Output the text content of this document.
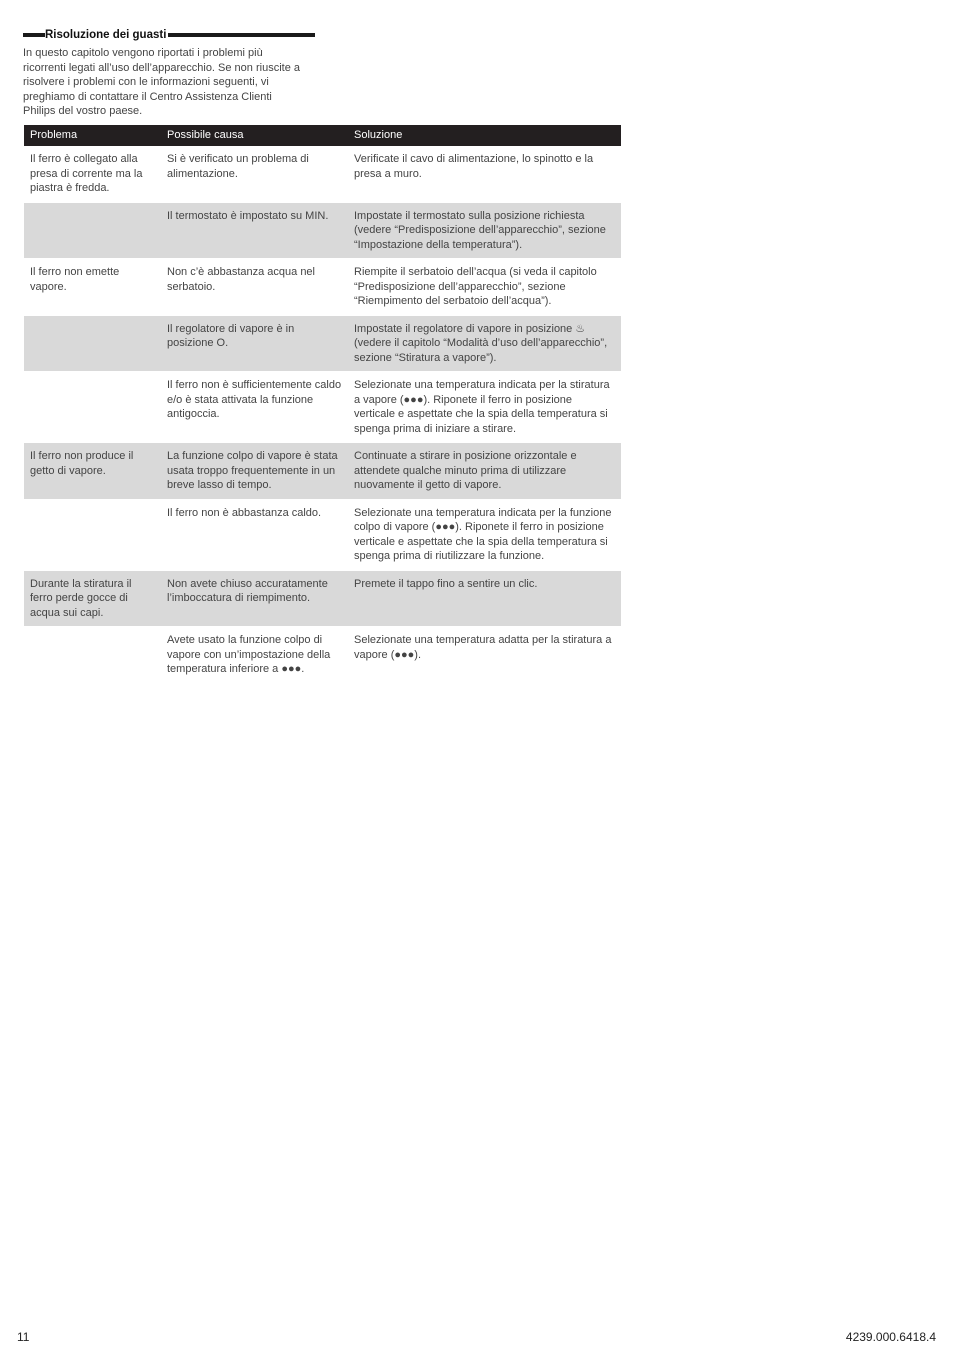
Risoluzione dei guasti

In questo capitolo vengono riportati i problemi più ricorrenti legati all’uso dell’apparecchio. Se non riuscite a risolvere i problemi con le informazioni seguenti, vi preghiamo di contattare il Centro Assistenza Clienti Philips del vostro paese.

Problema	Possibile causa	Soluzione
Il ferro è collegato alla presa di corrente ma la piastra è fredda.	Si è verificato un problema di alimentazione.	Verificate il cavo di alimentazione, lo spinotto e la presa a muro.
	Il termostato è impostato su MIN.	Impostate il termostato sulla posizione richiesta (vedere “Predisposizione dell’apparecchio”, sezione “Impostazione della temperatura”).
Il ferro non emette vapore.	Non c’è abbastanza acqua nel serbatoio.	Riempite il serbatoio dell’acqua (si veda il capitolo “Predisposizione dell’apparecchio”, sezione “Riempimento del serbatoio dell’acqua”).
	Il regolatore di vapore è in posizione O.	Impostate il regolatore di vapore in posizione ♨ (vedere il capitolo “Modalità d’uso dell’apparecchio”, sezione “Stiratura a vapore”).
	Il ferro non è sufficientemente caldo e/o è stata attivata la funzione antigoccia.	Selezionate una temperatura indicata per la stiratura a vapore (●●●). Riponete il ferro in posizione verticale e aspettate che la spia della temperatura si spenga prima di iniziare a stirare.
Il ferro non produce il getto di vapore.	La funzione colpo di vapore è stata usata troppo frequentemente in un breve lasso di tempo.	Continuate a stirare in posizione orizzontale e attendete qualche minuto prima di utilizzare nuovamente il getto di vapore.
	Il ferro non è abbastanza caldo.	Selezionate una temperatura indicata per la funzione colpo di vapore (●●●). Riponete il ferro in posizione verticale e aspettate che la spia della temperatura si spenga prima di riutilizzare la funzione.
Durante la stiratura il ferro perde gocce di acqua sui capi.	Non avete chiuso accuratamente l’imboccatura di riempimento.	Premete il tappo fino a sentire un clic.
	Avete usato la funzione colpo di vapore con un’impostazione della temperatura inferiore a ●●●.	Selezionate una temperatura adatta per la stiratura a vapore (●●●).
11	4239.000.6418.4
